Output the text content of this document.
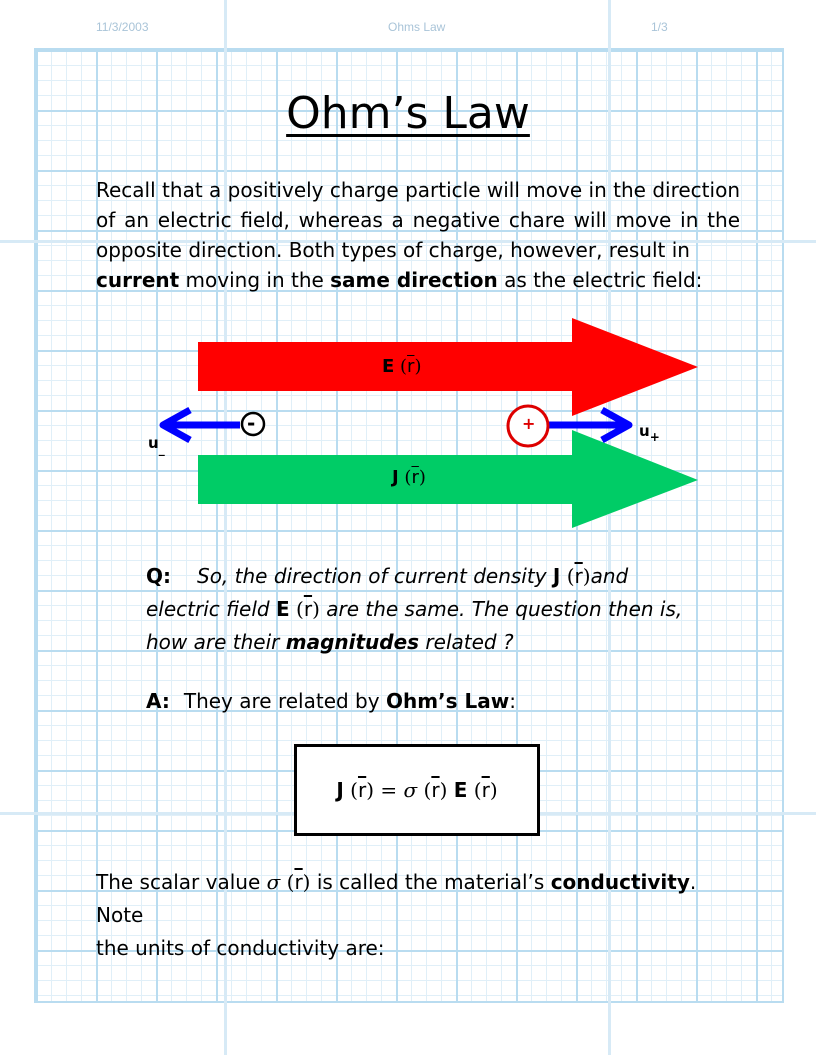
11/3/2003	Ohms Law	1/3
Ohm’s Law
Recall that a positively charge particle will move in the direction of an electric field, whereas a negative chare will move in the opposite direction. Both types of charge, however, result in
current moving in the same direction as the electric field:
E $(\overline{r})$
J $(\overline{r})$
-	+
$u_{\_}$
$u_+$
Q: So, the direction of current density J $(\overline{r})and$
electric field E $(\overline{r})$ are the same. The question then is,
how are their magnitudes related ?
A: They are related by Ohm’s Law:
J $(\overline{r}) = \sigma$ $(\overline{r})$ E $(\overline{r})$
The scalar value σ $(\overline{r})$ is called the material’s conductivity. Note
the units of conductivity are:
